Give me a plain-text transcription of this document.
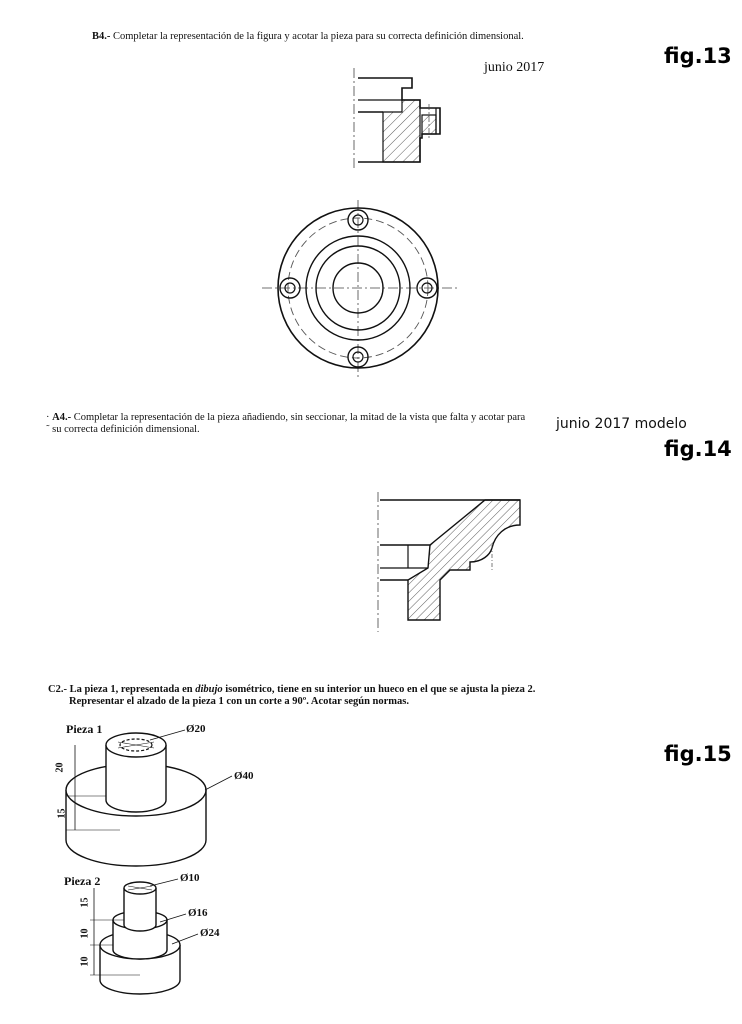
B4.- Completar la representación de la figura y acotar la pieza para su correcta definición dimensional.
fig.13
junio 2017
· A4.- Completar la representación de la pieza añadiendo, sin seccionar, la mitad de la vista que falta y acotar para
˜ su correcta definición dimensional.	junio 2017 modelo
fig.14
C2.- La pieza 1, representada en dibujo isométrico, tiene en su interior un hueco en el que se ajusta la pieza 2.
Representar el alzado de la pieza 1 con un corte a 90º. Acotar según normas.
fig.15
Pieza 1	Ø20
Ø40
20
15
Pieza 2	Ø10
Ø16
Ø24
15
10
10
